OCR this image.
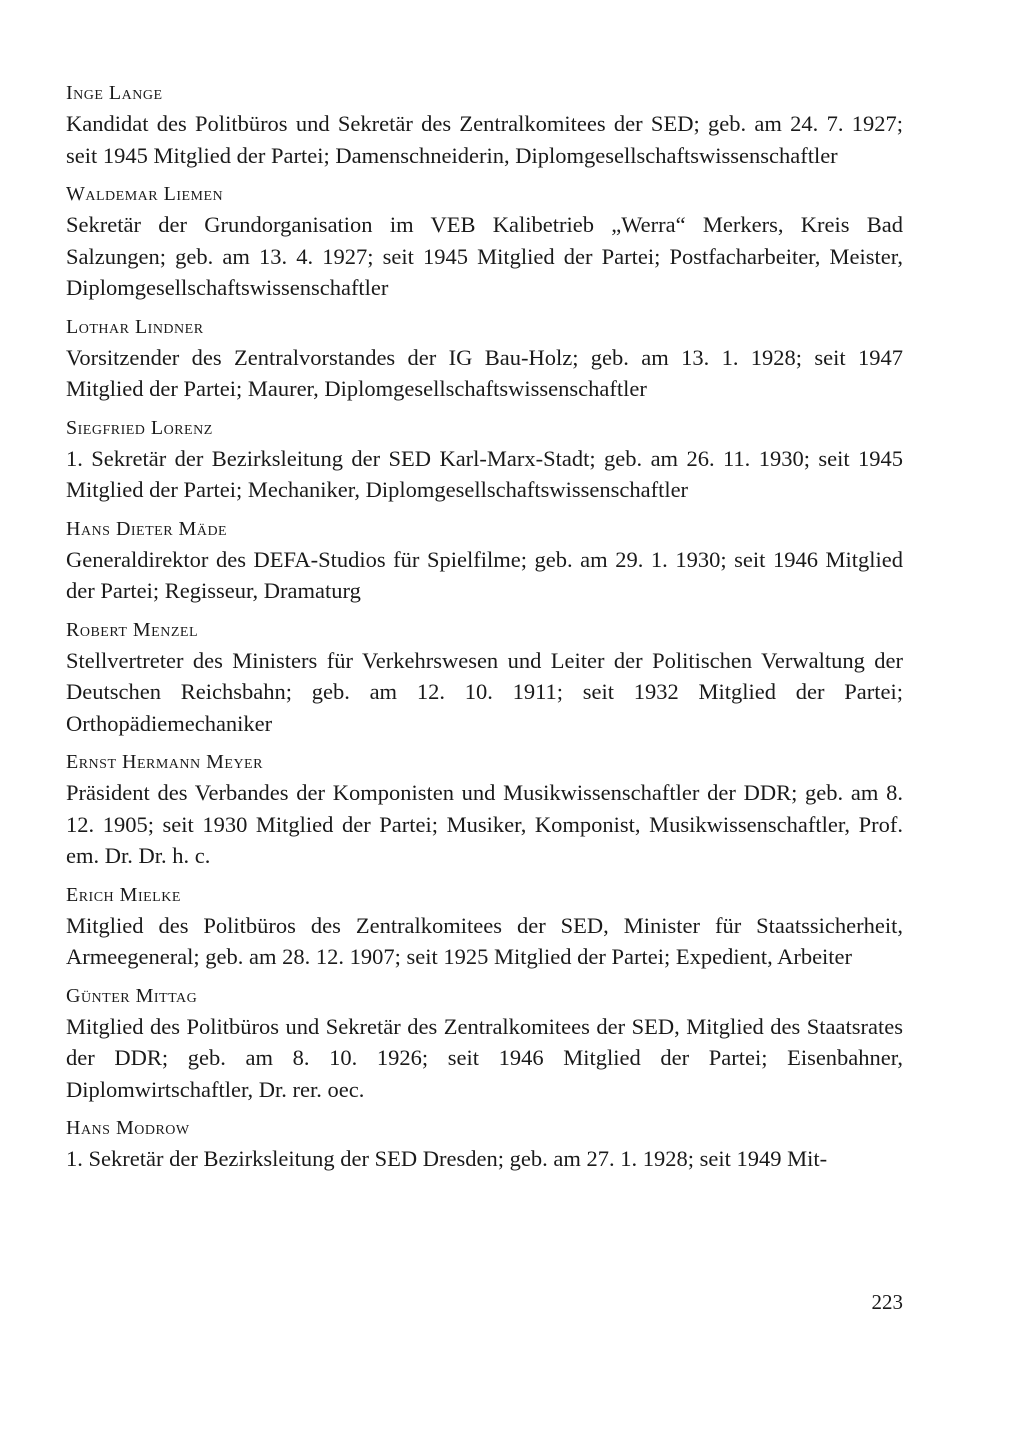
Inge Lange
Kandidat des Politbüros und Sekretär des Zentralkomitees der SED; geb. am 24. 7. 1927; seit 1945 Mitglied der Partei; Damenschneiderin, Diplomgesellschaftswissenschaftler
Waldemar Liemen
Sekretär der Grundorganisation im VEB Kalibetrieb „Werra“ Merkers, Kreis Bad Salzungen; geb. am 13. 4. 1927; seit 1945 Mitglied der Partei; Postfacharbeiter, Meister, Diplomgesellschaftswissenschaftler
Lothar Lindner
Vorsitzender des Zentralvorstandes der IG Bau-Holz; geb. am 13. 1. 1928; seit 1947 Mitglied der Partei; Maurer, Diplomgesellschaftswissenschaftler
Siegfried Lorenz
1. Sekretär der Bezirksleitung der SED Karl-Marx-Stadt; geb. am 26. 11. 1930; seit 1945 Mitglied der Partei; Mechaniker, Diplomgesellschaftswissenschaftler
Hans Dieter Mäde
Generaldirektor des DEFA-Studios für Spielfilme; geb. am 29. 1. 1930; seit 1946 Mitglied der Partei; Regisseur, Dramaturg
Robert Menzel
Stellvertreter des Ministers für Verkehrswesen und Leiter der Politischen Verwaltung der Deutschen Reichsbahn; geb. am 12. 10. 1911; seit 1932 Mitglied der Partei; Orthopädiemechaniker
Ernst Hermann Meyer
Präsident des Verbandes der Komponisten und Musikwissenschaftler der DDR; geb. am 8. 12. 1905; seit 1930 Mitglied der Partei; Musiker, Komponist, Musikwissenschaftler, Prof. em. Dr. Dr. h. c.
Erich Mielke
Mitglied des Politbüros des Zentralkomitees der SED, Minister für Staatssicherheit, Armeegeneral; geb. am 28. 12. 1907; seit 1925 Mitglied der Partei; Expedient, Arbeiter
Günter Mittag
Mitglied des Politbüros und Sekretär des Zentralkomitees der SED, Mitglied des Staatsrates der DDR; geb. am 8. 10. 1926; seit 1946 Mitglied der Partei; Eisenbahner, Diplomwirtschaftler, Dr. rer. oec.
Hans Modrow
1. Sekretär der Bezirksleitung der SED Dresden; geb. am 27. 1. 1928; seit 1949 Mit-
223
